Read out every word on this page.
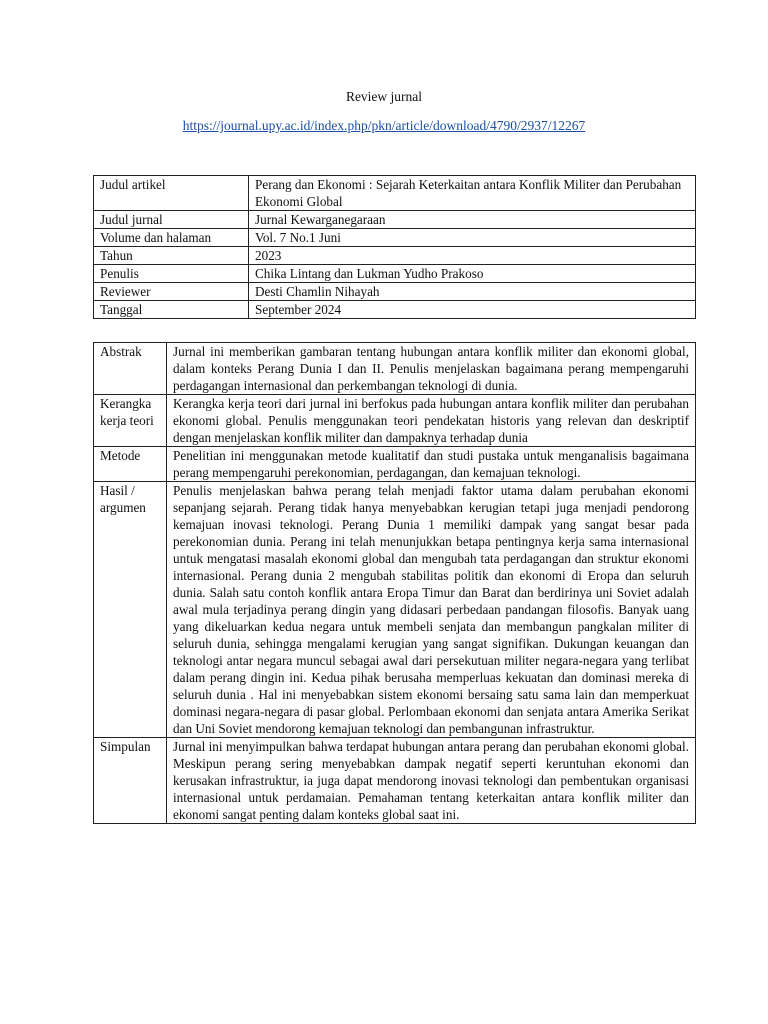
Review jurnal
https://journal.upy.ac.id/index.php/pkn/article/download/4790/2937/12267
Judul artikel	Perang dan Ekonomi : Sejarah Keterkaitan antara Konflik Militer dan Perubahan Ekonomi Global
Judul jurnal	Jurnal Kewarganegaraan
Volume dan halaman	Vol. 7 No.1 Juni
Tahun	2023
Penulis	Chika Lintang dan Lukman Yudho Prakoso
Reviewer	Desti Chamlin Nihayah
Tanggal	September 2024
Abstrak	Jurnal ini memberikan gambaran tentang hubungan antara konflik militer dan ekonomi global, dalam konteks Perang Dunia I dan II. Penulis menjelaskan bagaimana perang mempengaruhi perdagangan internasional dan perkembangan teknologi di dunia.
Kerangka kerja teori	Kerangka kerja teori dari jurnal ini berfokus pada hubungan antara konflik militer dan perubahan ekonomi global. Penulis menggunakan teori pendekatan historis yang relevan dan deskriptif dengan menjelaskan konflik militer dan dampaknya terhadap dunia
Metode	Penelitian ini menggunakan metode kualitatif dan studi pustaka untuk menganalisis bagaimana perang mempengaruhi perekonomian, perdagangan, dan kemajuan teknologi.
Hasil / argumen	Penulis menjelaskan bahwa perang telah menjadi faktor utama dalam perubahan ekonomi sepanjang sejarah. Perang tidak hanya menyebabkan kerugian tetapi juga menjadi pendorong kemajuan inovasi teknologi. Perang Dunia 1 memiliki dampak yang sangat besar pada perekonomian dunia. Perang ini telah menunjukkan betapa pentingnya kerja sama internasional untuk mengatasi masalah ekonomi global dan mengubah tata perdagangan dan struktur ekonomi internasional. Perang dunia 2 mengubah stabilitas politik dan ekonomi di Eropa dan seluruh dunia. Salah satu contoh konflik antara Eropa Timur dan Barat dan berdirinya uni Soviet adalah awal mula terjadinya perang dingin yang didasari perbedaan pandangan filosofis. Banyak uang yang dikeluarkan kedua negara untuk membeli senjata dan membangun pangkalan militer di seluruh dunia, sehingga mengalami kerugian yang sangat signifikan. Dukungan keuangan dan teknologi antar negara muncul sebagai awal dari persekutuan militer negara-negara yang terlibat dalam perang dingin ini. Kedua pihak berusaha memperluas kekuatan dan dominasi mereka di seluruh dunia . Hal ini menyebabkan sistem ekonomi bersaing satu sama lain dan memperkuat dominasi negara-negara di pasar global. Perlombaan ekonomi dan senjata antara Amerika Serikat dan Uni Soviet mendorong kemajuan teknologi dan pembangunan infrastruktur.
Simpulan	Jurnal ini menyimpulkan bahwa terdapat hubungan antara perang dan perubahan ekonomi global. Meskipun perang sering menyebabkan dampak negatif seperti keruntuhan ekonomi dan kerusakan infrastruktur, ia juga dapat mendorong inovasi teknologi dan pembentukan organisasi internasional untuk perdamaian. Pemahaman tentang keterkaitan antara konflik militer dan ekonomi sangat penting dalam konteks global saat ini.
